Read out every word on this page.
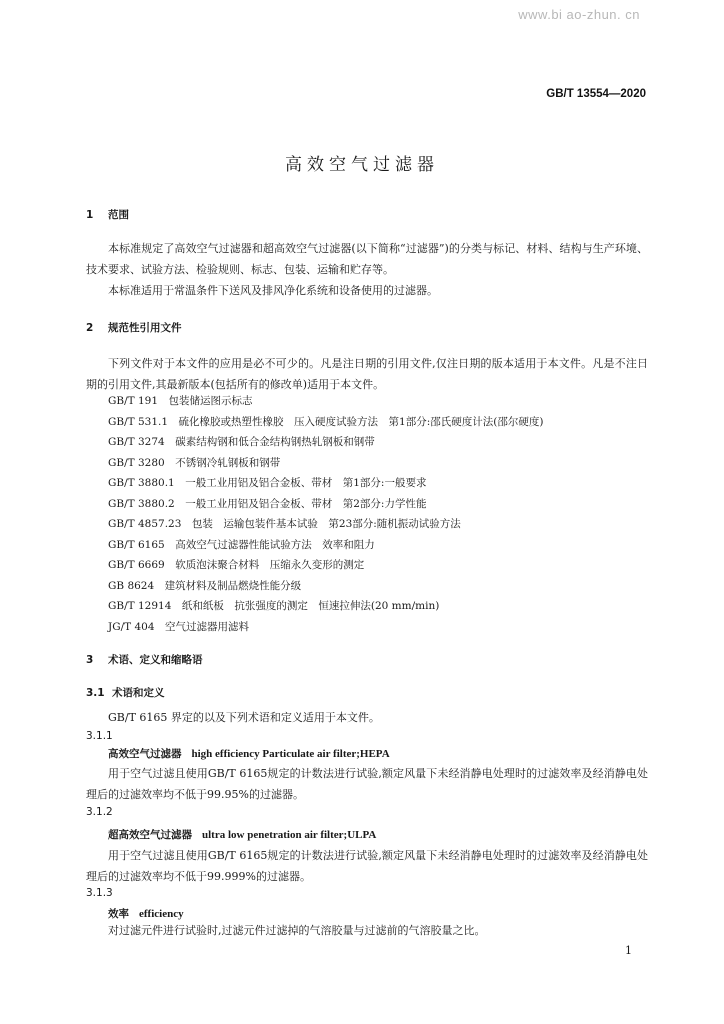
www.bi ao-zhun. cn
GB/T 13554—2020
高效空气过滤器
1 范围
本标准规定了高效空气过滤器和超高效空气过滤器(以下简称“过滤器”)的分类与标记、材料、结构与生产环境、技术要求、试验方法、检验规则、标志、包装、运输和贮存等。
本标准适用于常温条件下送风及排风净化系统和设备使用的过滤器。
2 规范性引用文件
下列文件对于本文件的应用是必不可少的。凡是注日期的引用文件,仅注日期的版本适用于本文件。凡是不注日期的引用文件,其最新版本(包括所有的修改单)适用于本文件。
GB/T 191　包装储运图示标志
GB/T 531.1　硫化橡胶或热塑性橡胶　压入硬度试验方法　第1部分:邵氏硬度计法(邵尔硬度)
GB/T 3274　碳素结构钢和低合金结构钢热轧钢板和钢带
GB/T 3280　不锈钢冷轧钢板和钢带
GB/T 3880.1　一般工业用铝及铝合金板、带材　第1部分:一般要求
GB/T 3880.2　一般工业用铝及铝合金板、带材　第2部分:力学性能
GB/T 4857.23　包装　运输包装件基本试验　第23部分:随机振动试验方法
GB/T 6165　高效空气过滤器性能试验方法　效率和阻力
GB/T 6669　软质泡沫聚合材料　压缩永久变形的测定
GB 8624　建筑材料及制品燃烧性能分级
GB/T 12914　纸和纸板　抗张强度的测定　恒速拉伸法(20 mm/min)
JG/T 404　空气过滤器用滤料
3 术语、定义和缩略语
3.1 术语和定义
GB/T 6165 界定的以及下列术语和定义适用于本文件。
3.1.1
高效空气过滤器 high efficiency Particulate air filter;HEPA
用于空气过滤且使用GB/T 6165规定的计数法进行试验,额定风量下未经消静电处理时的过滤效率及经消静电处理后的过滤效率均不低于99.95%的过滤器。
3.1.2
超高效空气过滤器 ultra low penetration air filter;ULPA
用于空气过滤且使用GB/T 6165规定的计数法进行试验,额定风量下未经消静电处理时的过滤效率及经消静电处理后的过滤效率均不低于99.999%的过滤器。
3.1.3
效率 efficiency
对过滤元件进行试验时,过滤元件过滤掉的气溶胶量与过滤前的气溶胶量之比。
1
